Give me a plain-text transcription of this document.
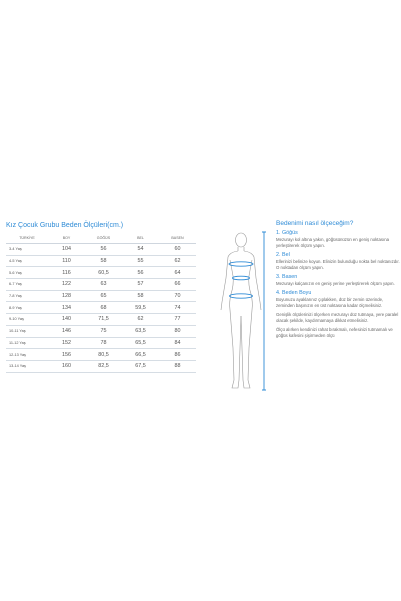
Kız Çocuk Grubu Beden Ölçüleri(cm.)
TÜRKİYE	BOY	GÖĞÜS	BEL	BASEN
3-4 Yaş	104	56	54	60
4-5 Yaş	110	58	55	62
5-6 Yaş	116	60,5	56	64
6-7 Yaş	122	63	57	66
7-8 Yaş	128	65	58	70
8-9 Yaş	134	68	59,5	74
9-10 Yaş	140	71,5	62	77
10-11 Yaş	146	75	63,5	80
11-12 Yaş	152	78	65,5	84
12-13 Yaş	156	80,5	66,5	86
13-14 Yaş	160	82,5	67,5	88
Bedenimi nasıl ölçeceğim?
1. Göğüs
Mezurayı kol altına yakın, göğüsünüzün en geniş noktasına yerleştirerek ölçüm yapın.
2. Bel
Ellerinizi belinize koyun. Elinizin bulunduğu nokta bel noktanızdır. O noktadan ölçüm yapın.
3. Basen
Mezurayı kalçanızın en geniş yerine yerleştirerek ölçüm yapın.
4. Beden Boyu
Boyunuzu ayaklarınız çıplakken, düz bir zemin üzerinde, zeminden başınızın en üst noktasına kadar ölçmelisiniz.
Genişlik ölçülerinizi ölçerken mezurayı düz tutmaya, yere paralel olacak şekilde, kaydırmamaya dikkat etmelisiniz.
Ölçü alırken kendinizi rahat bırakmalı, nefesinizi tutmamalı ve göğüs kafesini şişirmeden ölçü
